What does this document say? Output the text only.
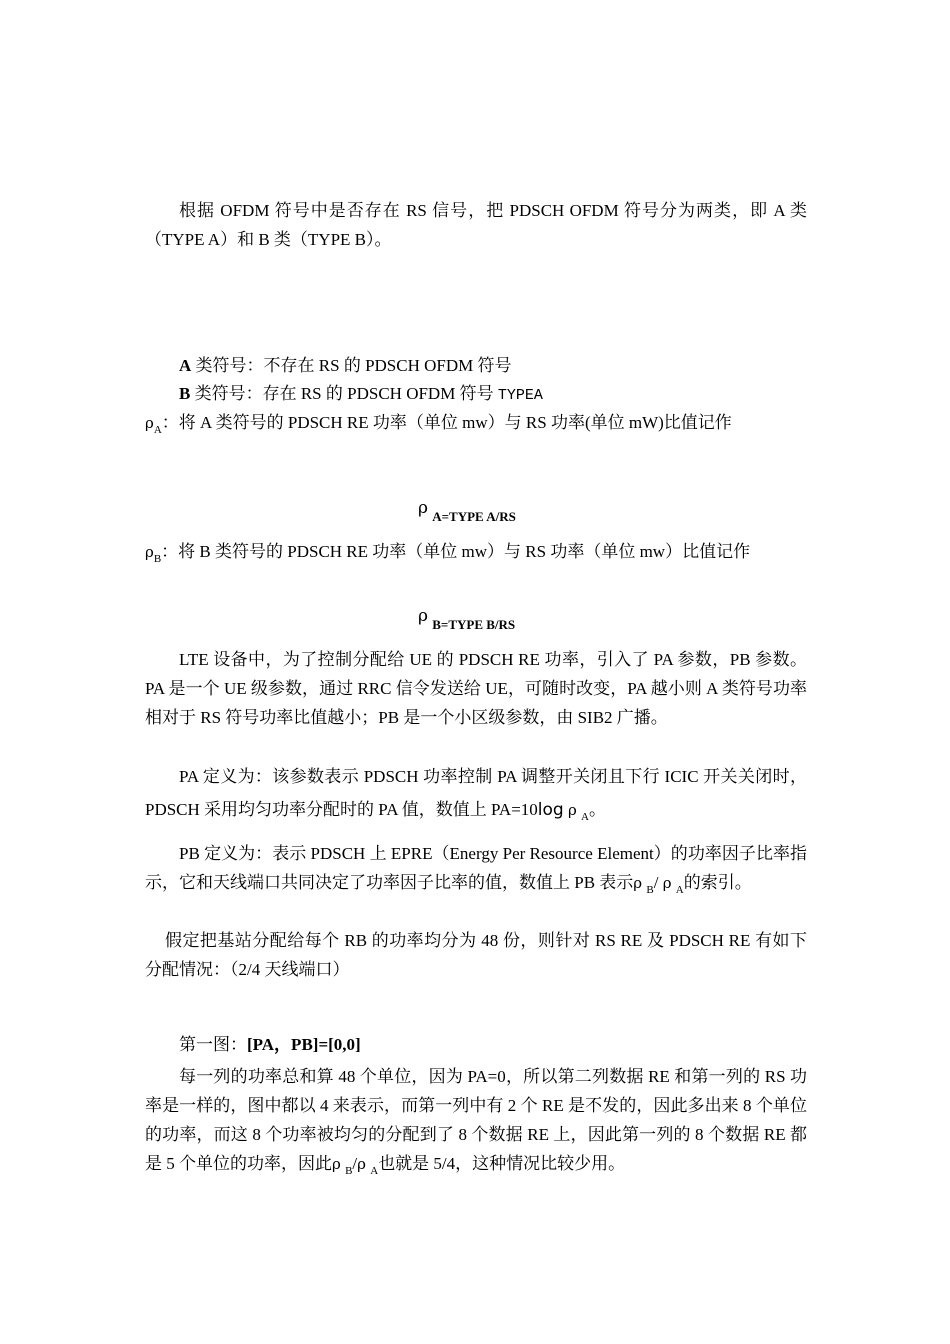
根据 OFDM 符号中是否存在 RS 信号，把 PDSCH OFDM 符号分为两类，即 A 类（TYPE A）和 B 类（TYPE B）。

A 类符号：不存在 RS 的 PDSCH OFDM 符号

B 类符号：存在 RS 的 PDSCH OFDM 符号 TYPEA

$\rho_A$：将 A 类符号的 PDSCH RE 功率（单位 mw）与 RS 功率(单位 mW)比值记作

ρ $_{A=TYPE A/RS}$

$\rho_B$：将 B 类符号的 PDSCH RE 功率（单位 mw）与 RS 功率（单位 mw）比值记作

ρ $_{B=TYPE B/RS}$

LTE 设备中，为了控制分配给 UE 的 PDSCH RE 功率，引入了 PA 参数，PB 参数。PA 是一个 UE 级参数，通过 RRC 信令发送给 UE，可随时改变，PA 越小则 A 类符号功率相对于 RS 符号功率比值越小；PB 是一个小区级参数，由 SIB2 广播。

PA 定义为：该参数表示 PDSCH 功率控制 PA 调整开关闭且下行 ICIC 开关关闭时，PDSCH 采用均匀功率分配时的 PA 值，数值上 PA=10log ρ $_A$。

PB 定义为：表示 PDSCH 上 EPRE（Energy Per Resource Element）的功率因子比率指示，它和天线端口共同决定了功率因子比率的值，数值上 PB 表示ρ $_B$/ ρ $_A$的索引。

假定把基站分配给每个 RB 的功率均分为 48 份，则针对 RS RE 及 PDSCH RE 有如下分配情况：（2/4 天线端口）

第一图：[PA，PB]=[0,0]

每一列的功率总和算 48 个单位，因为 PA=0，所以第二列数据 RE 和第一列的 RS 功率是一样的，图中都以 4 来表示，而第一列中有 2 个 RE 是不发的，因此多出来 8 个单位的功率，而这 8 个功率被均匀的分配到了 8 个数据 RE 上，因此第一列的 8 个数据 RE 都是 5 个单位的功率，因此ρ $_B$/ρ $_A$也就是 5/4，这种情况比较少用。
